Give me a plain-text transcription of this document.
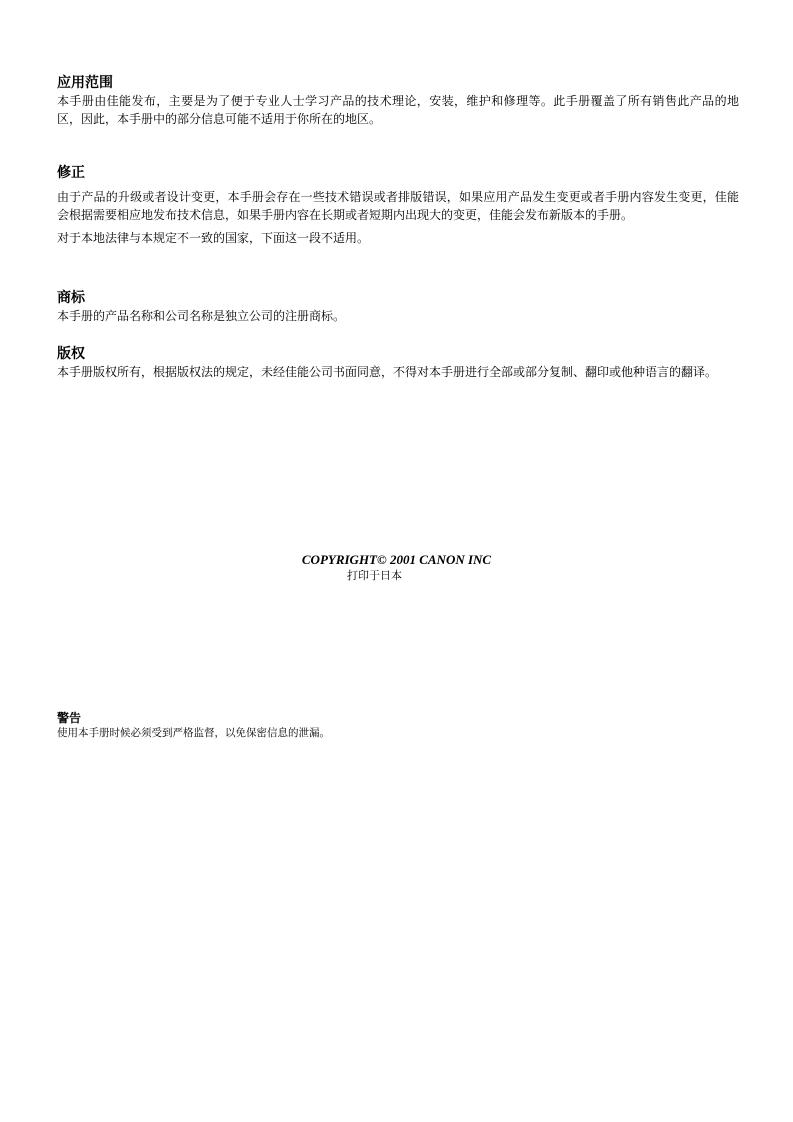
应用范围

本手册由佳能发布，主要是为了便于专业人士学习产品的技术理论，安装，维护和修理等。此手册覆盖了所有销售此产品的地区，因此，本手册中的部分信息可能不适用于你所在的地区。

修正

由于产品的升级或者设计变更，本手册会存在一些技术错误或者排版错误，如果应用产品发生变更或者手册内容发生变更，佳能会根据需要相应地发布技术信息，如果手册内容在长期或者短期内出现大的变更，佳能会发布新版本的手册。

对于本地法律与本规定不一致的国家，下面这一段不适用。

商标

本手册的产品名称和公司名称是独立公司的注册商标。

版权

本手册版权所有，根据版权法的规定，未经佳能公司书面同意，不得对本手册进行全部或部分复制、翻印或他种语言的翻译。

COPYRIGHT© 2001 CANON INC
打印于日本
警告

使用本手册时候必须受到严格监督，以免保密信息的泄漏。
